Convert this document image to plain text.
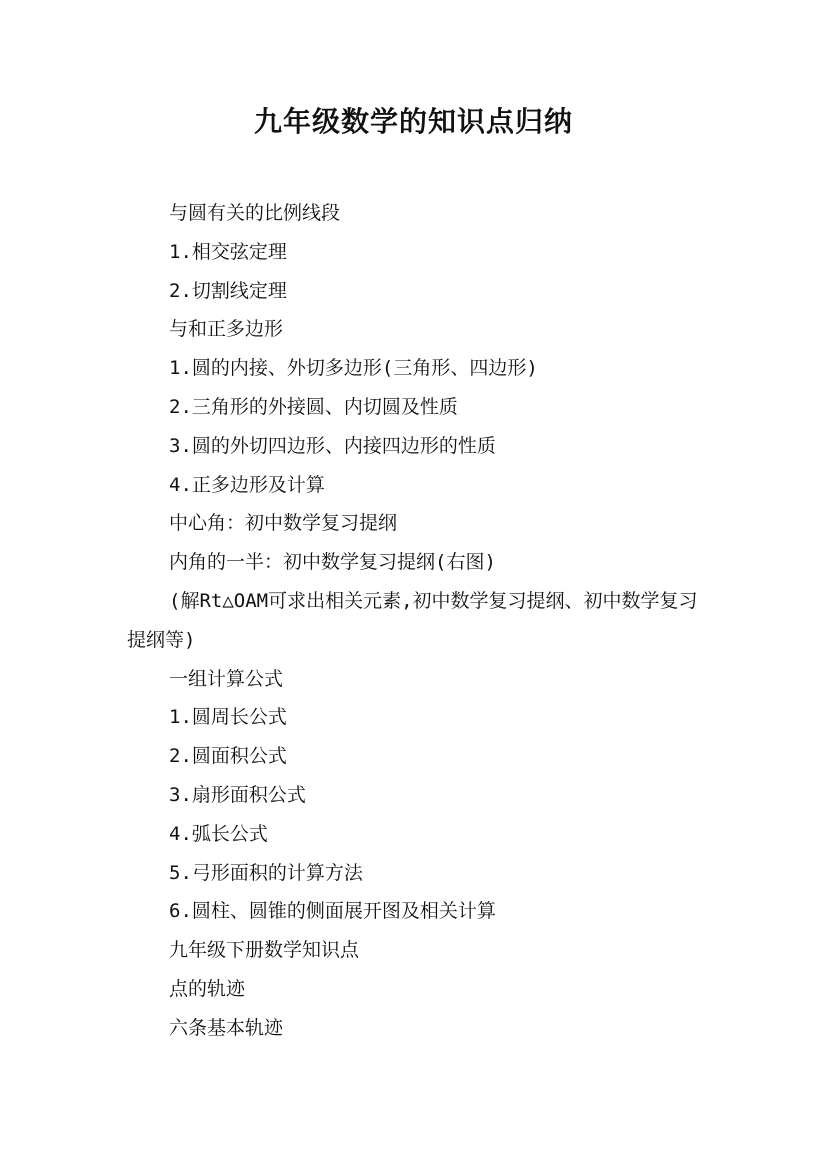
九年级数学的知识点归纳

与圆有关的比例线段

1.相交弦定理

2.切割线定理

与和正多边形

1.圆的内接、外切多边形(三角形、四边形)

2.三角形的外接圆、内切圆及性质

3.圆的外切四边形、内接四边形的性质

4.正多边形及计算

中心角：初中数学复习提纲

内角的一半：初中数学复习提纲(右图)

(解Rt△OAM可求出相关元素,初中数学复习提纲、初中数学复习提纲等)

一组计算公式

1.圆周长公式

2.圆面积公式

3.扇形面积公式

4.弧长公式

5.弓形面积的计算方法

6.圆柱、圆锥的侧面展开图及相关计算

九年级下册数学知识点

点的轨迹

六条基本轨迹
